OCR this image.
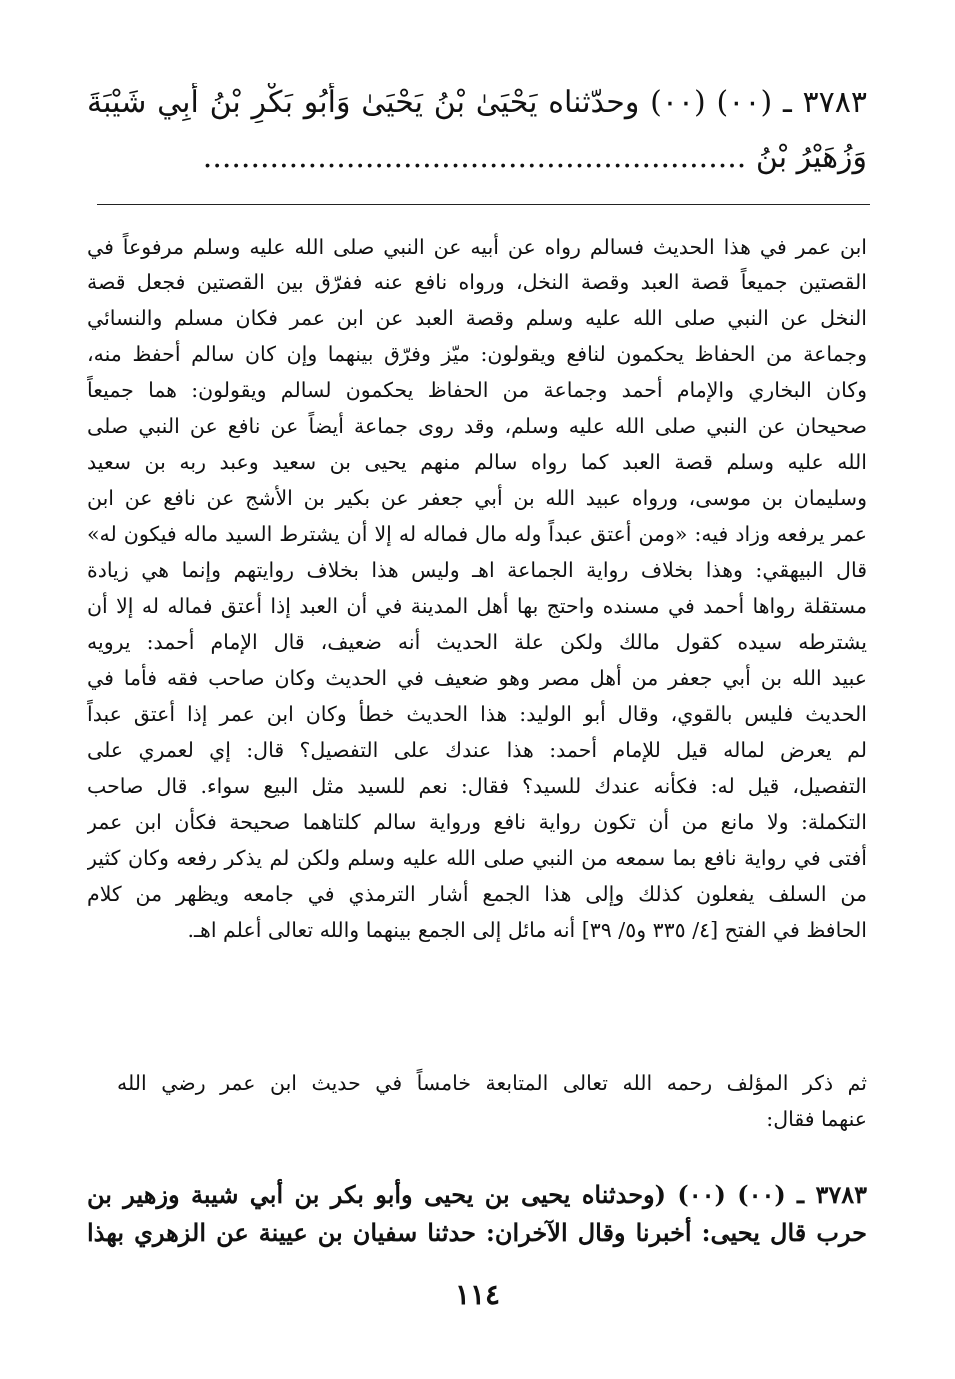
٣٧٨٣ ـ (٠٠) (٠٠) وحدّثناه يَحْيَىٰ بْنُ يَحْيَىٰ وَأَبُو بَكْرِ بْنُ أَبِي شَيْبَةَ
وَزُهَيْرُ بْنُ .........................................................
ابن عمر في هذا الحديث فسالم رواه عن أبيه عن النبي صلى الله عليه وسلم مرفوعاً في
القصتين جميعاً قصة العبد وقصة النخل، ورواه نافع عنه ففرّق بين القصتين فجعل قصة
النخل عن النبي صلى الله عليه وسلم وقصة العبد عن ابن عمر فكان مسلم والنسائي
وجماعة من الحفاظ يحكمون لنافع ويقولون: ميّز وفرّق بينهما وإن كان سالم أحفظ منه،
وكان البخاري والإمام أحمد وجماعة من الحفاظ يحكمون لسالم ويقولون: هما جميعاً
صحيحان عن النبي صلى الله عليه وسلم، وقد روى جماعة أيضاً عن نافع عن النبي صلى
الله عليه وسلم قصة العبد كما رواه سالم منهم يحيى بن سعيد وعبد ربه بن سعيد
وسليمان بن موسى، ورواه عبيد الله بن أبي جعفر عن بكير بن الأشج عن نافع عن ابن
عمر يرفعه وزاد فيه: «ومن أعتق عبداً وله مال فماله له إلا أن يشترط السيد ماله فيكون له»
قال البيهقي: وهذا بخلاف رواية الجماعة اهـ وليس هذا بخلاف روايتهم وإنما هي زيادة
مستقلة رواها أحمد في مسنده واحتج بها أهل المدينة في أن العبد إذا أعتق فماله له إلا أن
يشترطه سيده كقول مالك ولكن علة الحديث أنه ضعيف، قال الإمام أحمد: يرويه
عبيد الله بن أبي جعفر من أهل مصر وهو ضعيف في الحديث وكان صاحب فقه فأما في
الحديث فليس بالقوي، وقال أبو الوليد: هذا الحديث خطأ وكان ابن عمر إذا أعتق عبداً
لم يعرض لماله قيل للإمام أحمد: هذا عندك على التفصيل؟ قال: إي لعمري على
التفصيل، قيل له: فكأنه عندك للسيد؟ فقال: نعم للسيد مثل البيع سواء. قال صاحب
التكملة: ولا مانع من أن تكون رواية نافع ورواية سالم كلتاهما صحيحة فكأن ابن عمر
أفتى في رواية نافع بما سمعه من النبي صلى الله عليه وسلم ولكن لم يذكر رفعه وكان كثير
من السلف يفعلون كذلك وإلى هذا الجمع أشار الترمذي في جامعه ويظهر من كلام
الحافظ في الفتح [٤/ ٣٣٥ و٥/ ٣٩] أنه مائل إلى الجمع بينهما والله تعالى أعلم اهـ.
ثم ذكر المؤلف رحمه الله تعالى المتابعة خامساً في حديث ابن عمر رضي الله
عنهما فقال:
٣٧٨٣ ـ (٠٠) (٠٠) (وحدثناه يحيى بن يحيى وأبو بكر بن أبي شيبة وزهير بن
حرب قال يحيى: أخبرنا وقال الآخران: حدثنا سفيان بن عيينة عن الزهري بهذا
١١٤
